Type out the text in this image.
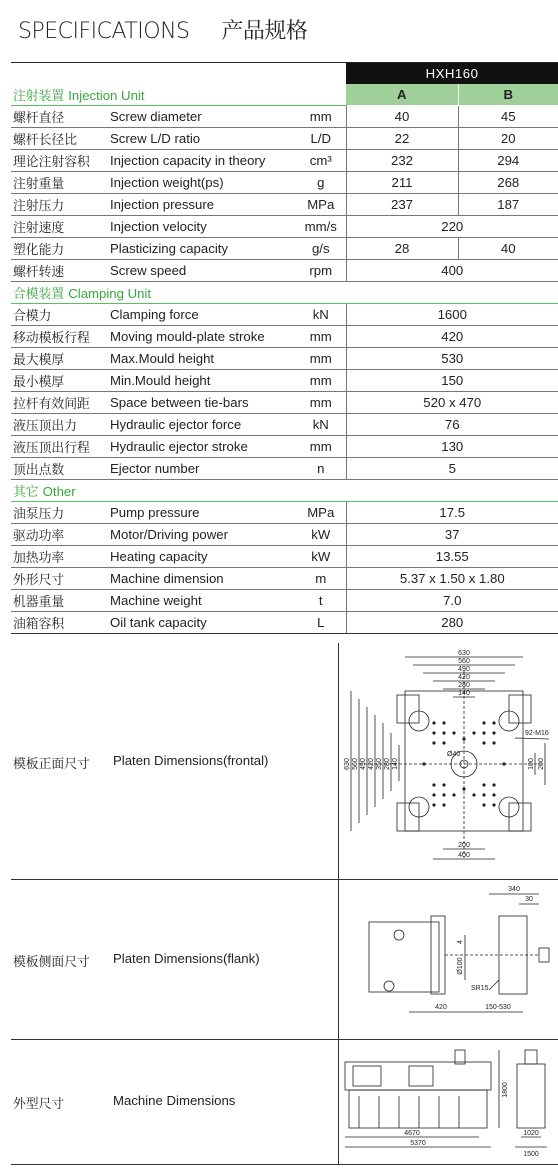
SPECIFICATIONS 产品规格
			HXH160	
注射装置 Injection Unit			A	B
螺杆直径	Screw diameter	mm	40	45
螺杆长径比	Screw L/D ratio	L/D	22	20
理论注射容积	Injection capacity in theory	cm³	232	294
注射重量	Injection weight(ps)	g	211	268
注射压力	Injection pressure	MPa	237	187
注射速度	Injection velocity	mm/s	220	
塑化能力	Plasticizing capacity	g/s	28	40
螺杆转速	Screw speed	rpm	400	
合模装置 Clamping Unit				
合模力	Clamping force	kN	1600	
移动模板行程	Moving mould-plate stroke	mm	420	
最大模厚	Max.Mould height	mm	530	
最小模厚	Min.Mould height	mm	150	
拉杆有效间距	Space between tie-bars	mm	520 x 470	
液压顶出力	Hydraulic ejector force	kN	76	
液压顶出行程	Hydraulic ejector stroke	mm	130	
顶出点数	Ejector number	n	5	
其它 Other				
油泵压力	Pump pressure	MPa	17.5	
驱动功率	Motor/Driving power	kW	37	
加热功率	Heating capacity	kW	13.55	
外形尺寸	Machine dimension	m	5.37 x 1.50 x 1.80	
机器重量	Machine weight	t	7.0	
油箱容积	Oil tank capacity	L	280	
模板正面尺寸 Platen Dimensions(frontal)
630
560
490
420
280
140
630 560 490 420 350 280 140	100 200
200
400
Ø40
92-M16
模板侧面尺寸 Platen Dimensions(flank)
340
30
420	150-530
Ø100
4
SR15
外型尺寸	Machine Dimensions
4670
5370
1800
1020
1500
